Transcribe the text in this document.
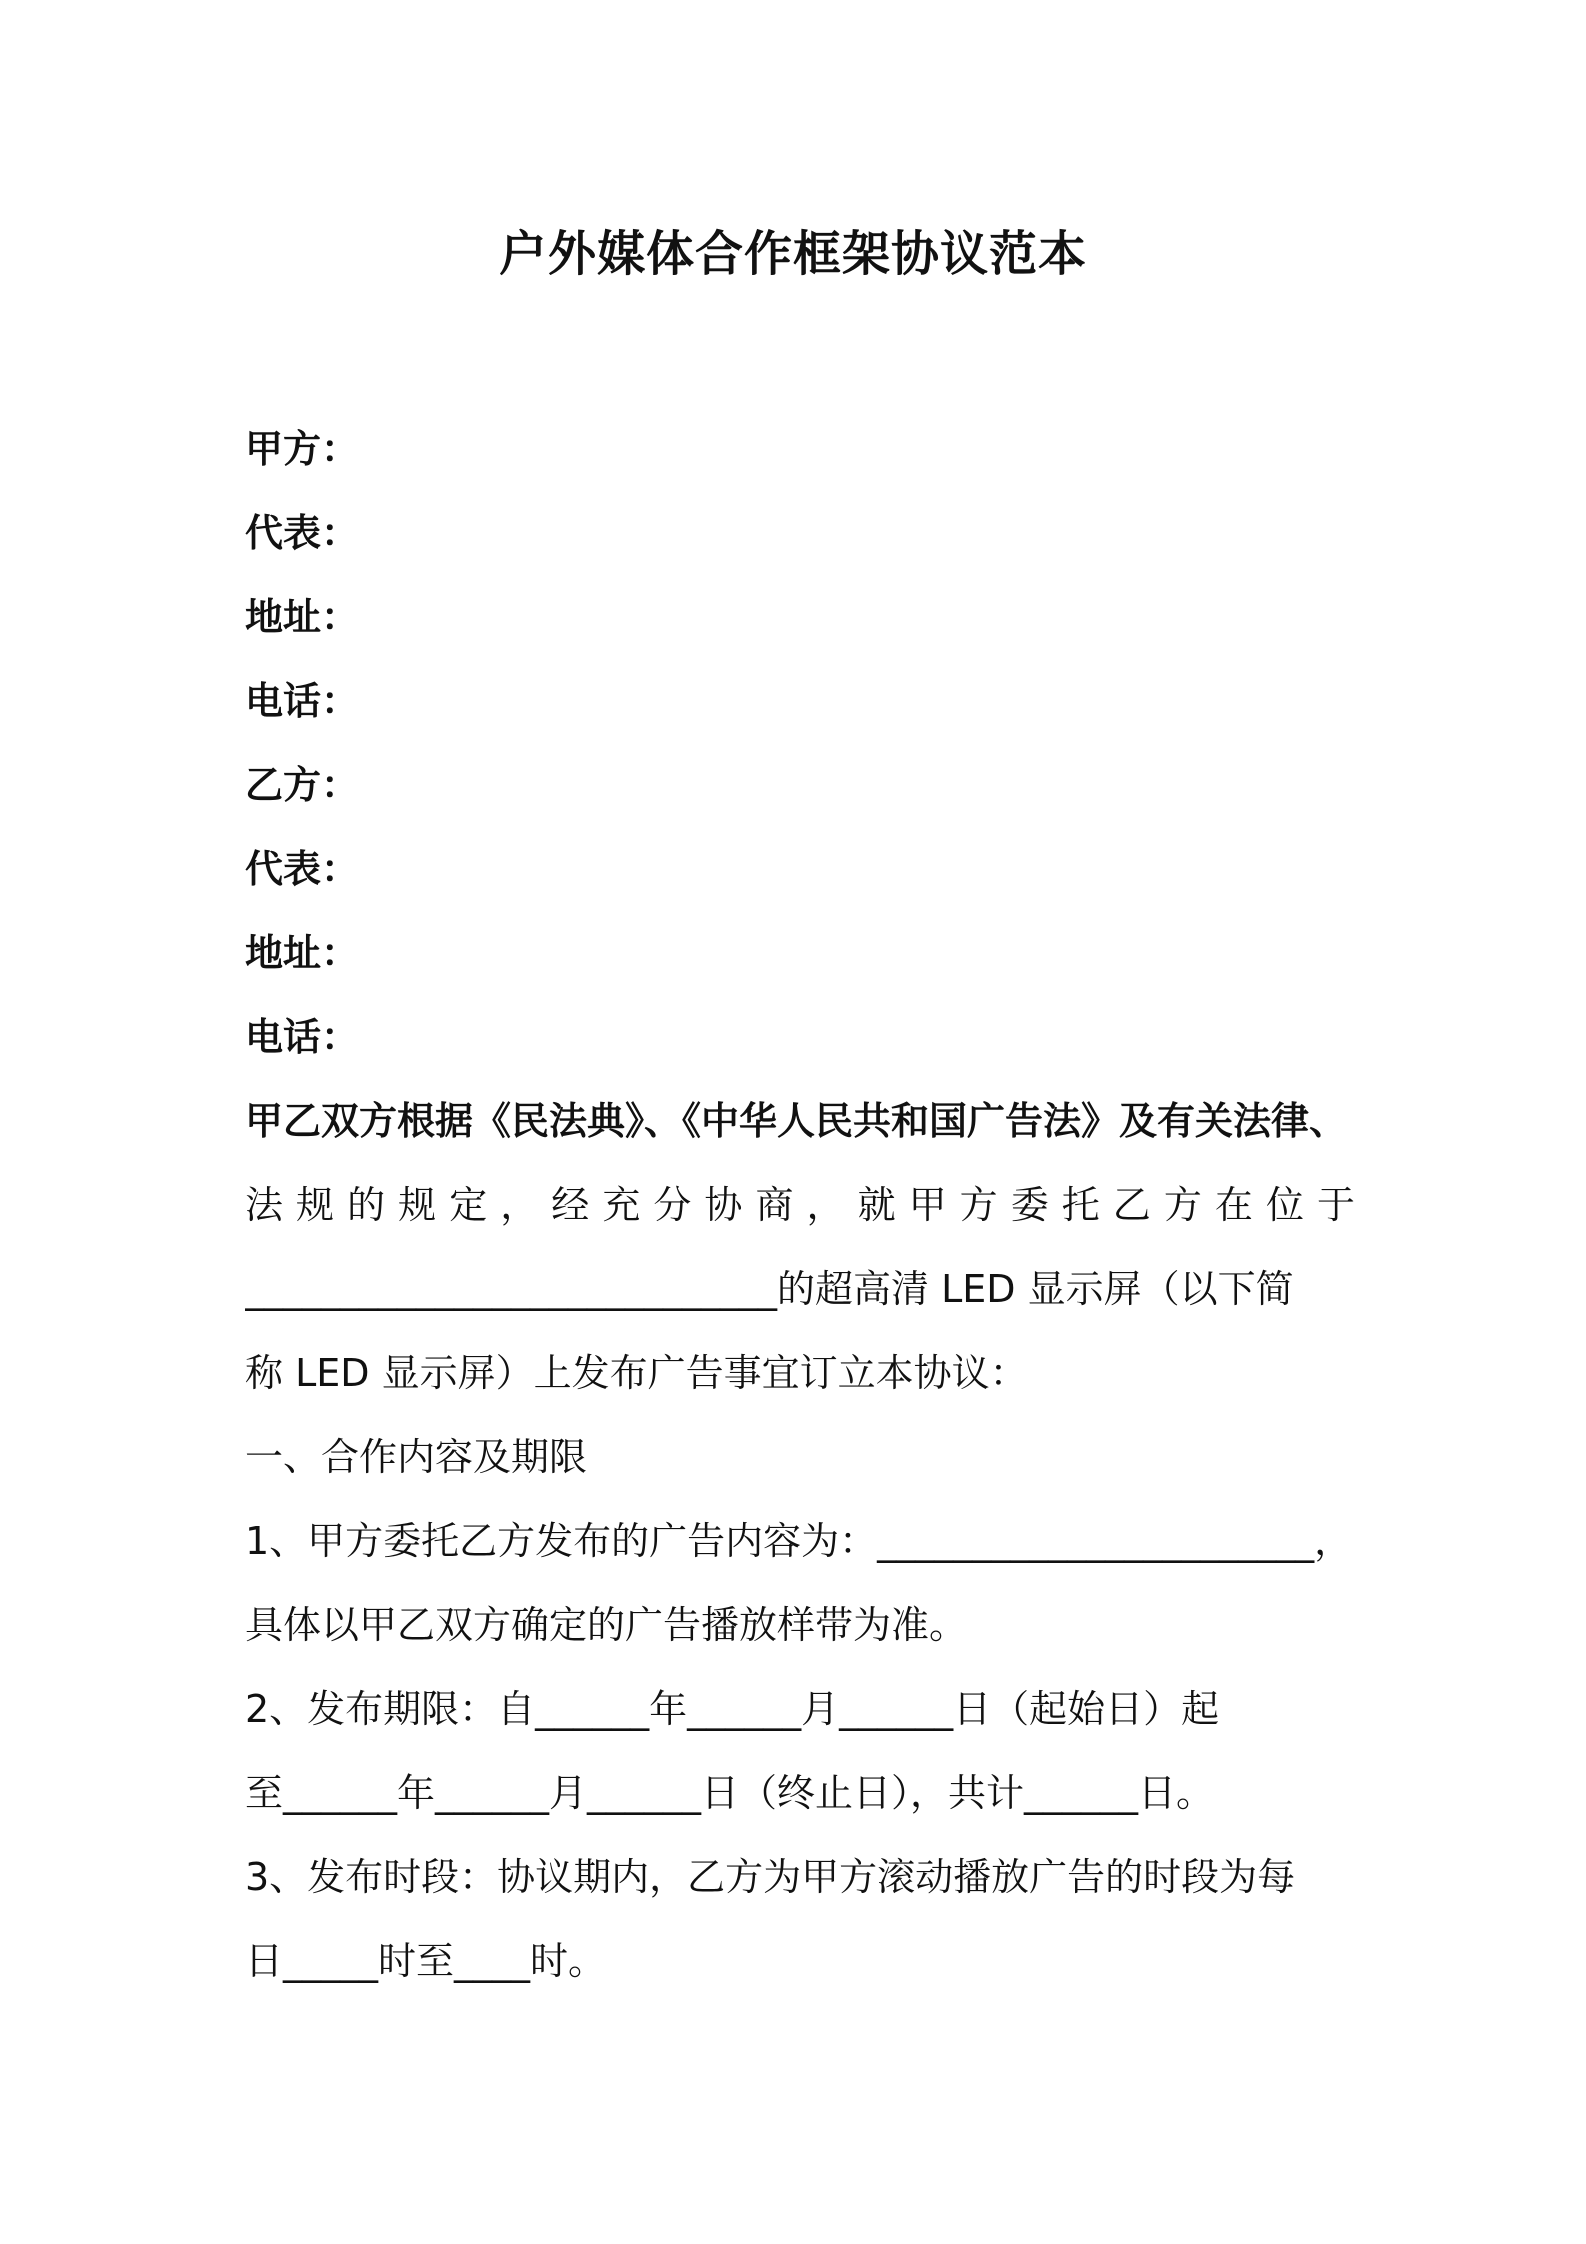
户外媒体合作框架协议范本
甲方：
代表：
地址：
电话：
乙方：
代表：
地址：
电话：
甲乙双方根据《民法典》、《中华人民共和国广告法》及有关法律、
法规的规定，经充分协商，就甲方委托乙方在位于
____________________________的超高清 LED 显示屏（以下简
称 LED 显示屏）上发布广告事宜订立本协议：
一、合作内容及期限
1、甲方委托乙方发布的广告内容为：_______________________，
具体以甲乙双方确定的广告播放样带为准。
2、发布期限：自______年______月______日（起始日）起
至______年______月______日（终止日），共计______日。
3、发布时段：协议期内，乙方为甲方滚动播放广告的时段为每
日_____时至____时。
